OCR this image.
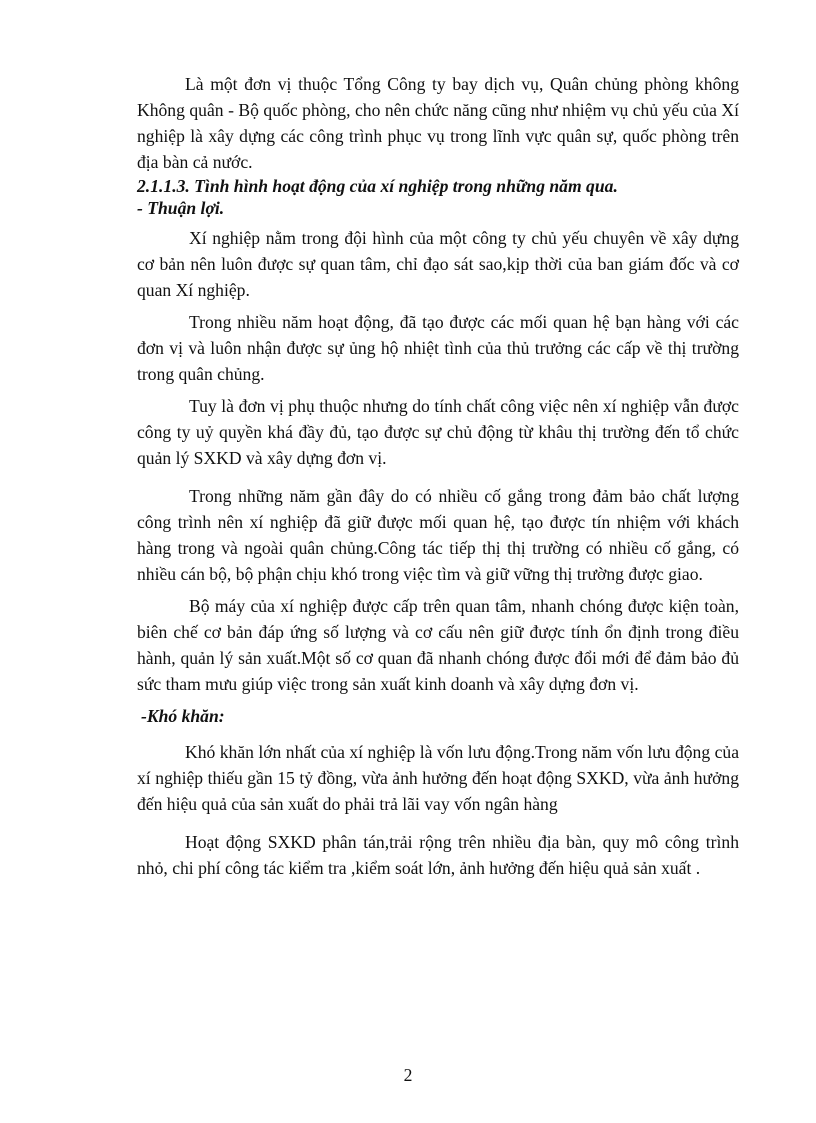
Là một đơn vị thuộc Tổng Công ty bay dịch vụ, Quân chủng phòng không Không quân - Bộ quốc phòng, cho nên chức năng cũng như nhiệm vụ chủ yếu của Xí nghiệp là xây dựng các công trình phục vụ trong lĩnh vực quân sự, quốc phòng trên địa bàn cả nước.

2.1.1.3. Tình hình hoạt động của xí nghiệp trong những năm qua.

- Thuận lợi.

Xí nghiệp nằm trong đội hình của một công ty chủ yếu chuyên về xây dựng cơ bản nên luôn được sự quan tâm, chỉ đạo sát sao,kịp thời của ban giám đốc và cơ quan Xí nghiệp.

Trong nhiều năm hoạt động, đã tạo được các mối quan hệ bạn hàng với các đơn vị và luôn nhận được sự ủng hộ nhiệt tình của thủ trưởng các cấp về thị trường trong quân chủng.

Tuy là đơn vị phụ thuộc nhưng do tính chất công việc nên xí nghiệp vẫn được công ty uỷ quyền khá đầy đủ, tạo được sự chủ động từ khâu thị trường đến tổ chức quản lý SXKD và xây dựng đơn vị.

Trong những năm gần đây do có nhiều cố gắng trong đảm bảo chất lượng công trình nên xí nghiệp đã giữ được mối quan hệ, tạo được tín nhiệm với khách hàng trong và ngoài quân chủng.Công tác tiếp thị thị trường có nhiều cố gắng, có nhiều cán bộ, bộ phận chịu khó trong việc tìm và giữ vững thị trường được giao.

Bộ máy của xí nghiệp được cấp trên quan tâm, nhanh chóng được kiện toàn, biên chế cơ bản đáp ứng số lượng và cơ cấu nên giữ được tính ổn định trong điều hành, quản lý sản xuất.Một số cơ quan đã nhanh chóng được đổi mới để đảm bảo đủ sức tham mưu giúp việc trong sản xuất kinh doanh và xây dựng đơn vị.

-Khó khăn:

Khó khăn lớn nhất của xí nghiệp là vốn lưu động.Trong năm vốn lưu động của xí nghiệp thiếu gần 15 tỷ đồng, vừa ảnh hưởng đến hoạt động SXKD, vừa ảnh hưởng đến hiệu quả của sản xuất do phải trả lãi vay vốn ngân hàng

Hoạt động SXKD phân tán,trải rộng trên nhiều địa bàn, quy mô công trình nhỏ, chi phí công tác kiểm tra ,kiểm soát lớn, ảnh hưởng đến hiệu quả sản xuất .

2
